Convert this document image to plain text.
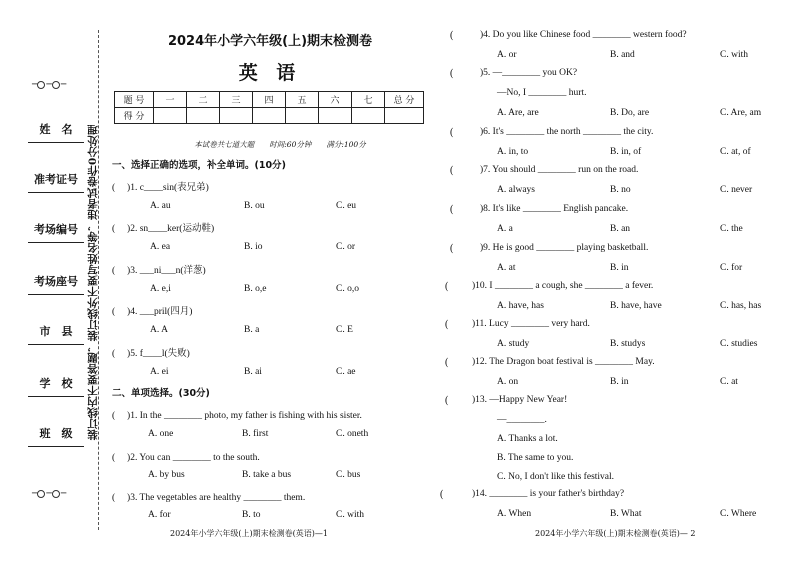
─ ─ ─
─ ─ ─
姓　名
准考证号
考场编号
考场座号
市　县
学　校
班　级	装订线内不要答题，装订线外不要写姓名等，违者试卷作0分处理
2024年小学六年级(上)期末检测卷
英 语
题 号	一	二	三	四	五	六	七	总 分
得 分								
本试卷共七道大题　　时间:60分钟　　满分:100分
一、选择正确的选项，补全单词。(10分)
( 　)1. c____sin(表兄弟)
A. au	B. ou	C. eu
( 　)2. sn____ker(运动鞋)
A. ea	B. io	C. or
( 　)3. ___ni___n(洋葱)
A. e,i	B. o,e	C. o,o
( 　)4. ___pril(四月)
A. A	B. a	C. E
( 　)5. f____l(失败)
A. ei	B. ai	C. ae
二、单项选择。(30分)
( 　)1. In the ________ photo, my father is fishing with his sister.
A. one	B. first	C. oneth
( 　)2. You can ________ to the south.
A. by bus	B. take a bus	C. bus
( 　)3. The vegetables are healthy ________ them.
A. for	B. to	C. with
2024年小学六年级(上)期末检测卷(英语)—1
(	)4. Do you like Chinese food ________ western food?
A. or	B. and	C. with
(	)5. —________ you OK?
—No, I ________ hurt.
A. Are, are	B. Do, are	C. Are, am
(	)6. It's ________ the north ________ the city.
A. in, to	B. in, of	C. at, of
(	)7. You should ________ run on the road.
A. always	B. no	C. never
(	)8. It's like ________ English pancake.
A. a	B. an	C. the
(	)9. He is good ________ playing basketball.
A. at	B. in	C. for
( )10. I ________ a cough, she ________ a fever.
A. have, has	B. have, have	C. has, has
( )11. Lucy ________ very hard.
A. study	B. studys	C. studies
( )12. The Dragon boat festival is ________ May.
A. on	B. in	C. at
( )13. —Happy New Year!
—________.
A. Thanks a lot.
B. The same to you.
C. No, I don't like this festival.
(	)14. ________ is your father's birthday?
A. When	B. What	C. Where
2024年小学六年级(上)期末检测卷(英语)— 2
